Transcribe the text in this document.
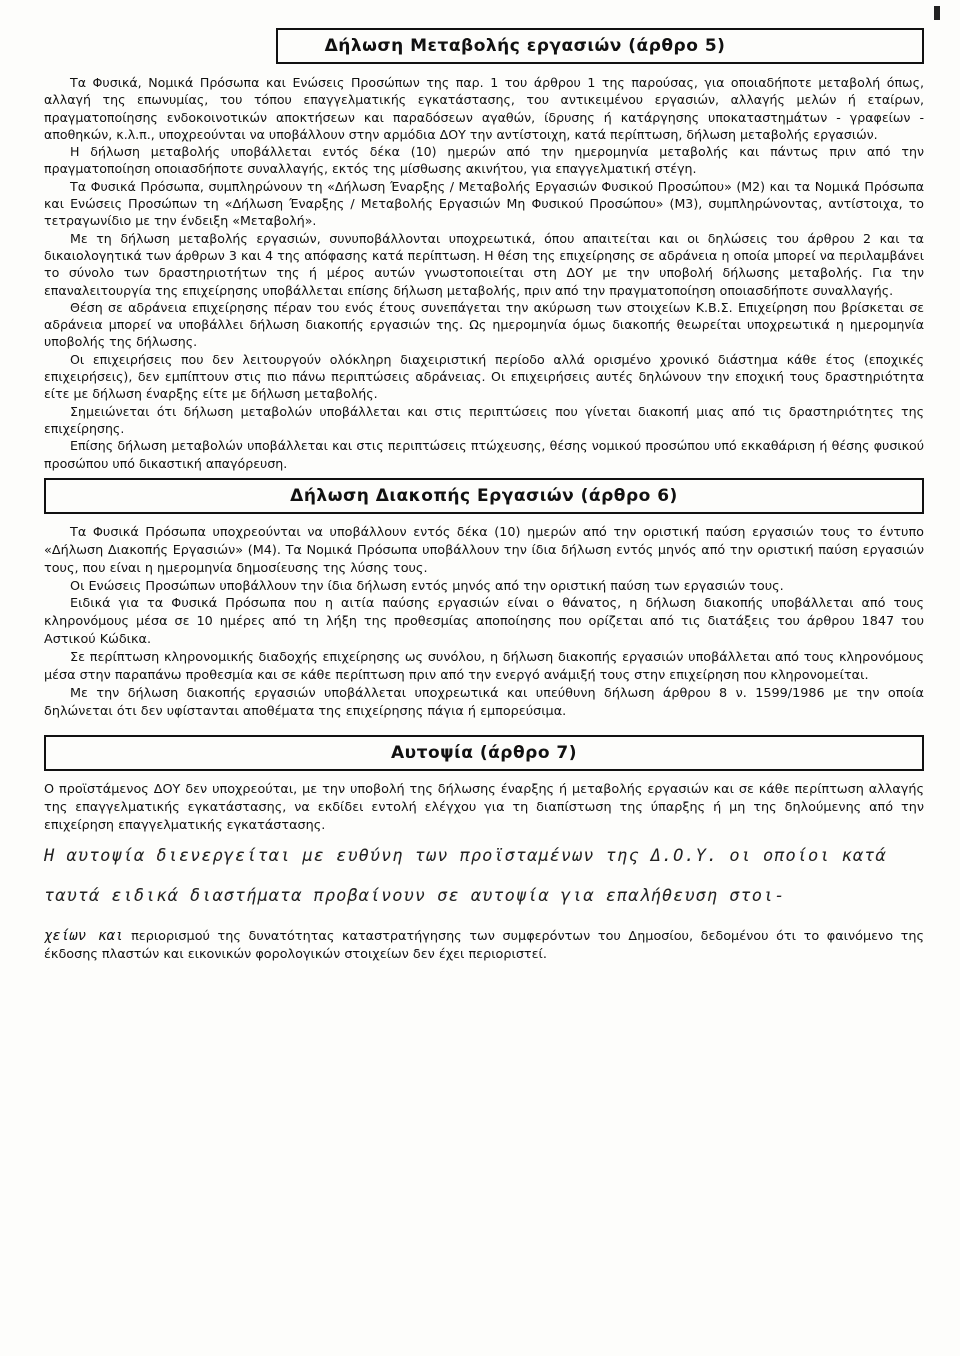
Δήλωση Μεταβολής εργασιών (άρθρο 5)

Τα Φυσικά, Νομικά Πρόσωπα και Ενώσεις Προσώπων της παρ. 1 του άρθρου 1 της παρούσας, για οποιαδήποτε μεταβολή όπως, αλλαγή της επωνυμίας, του τόπου επαγγελματικής εγκατάστασης, του αντικειμένου εργασιών, αλλαγής μελών ή εταίρων, πραγματοποίησης ενδοκοινοτικών αποκτήσεων και παραδόσεων αγαθών, ίδρυσης ή κατάργησης υποκαταστημάτων - γραφείων - αποθηκών, κ.λ.π., υποχρεούνται να υποβάλλουν στην αρμόδια ΔΟΥ την αντίστοιχη, κατά περίπτωση, δήλωση μεταβολής εργασιών.

Η δήλωση μεταβολής υποβάλλεται εντός δέκα (10) ημερών από την ημερομηνία μεταβολής και πάντως πριν από την πραγματοποίηση οποιασδήποτε συναλλαγής, εκτός της μίσθωσης ακινήτου, για επαγγελματική στέγη.

Τα Φυσικά Πρόσωπα, συμπληρώνουν τη «Δήλωση Έναρξης / Μεταβολής Εργασιών Φυσικού Προσώπου» (Μ2) και τα Νομικά Πρόσωπα και Ενώσεις Προσώπων τη «Δήλωση Έναρξης / Μεταβολής Εργασιών Μη Φυσικού Προσώπου» (Μ3), συμπληρώνοντας, αντίστοιχα, το τετραγωνίδιο με την ένδειξη «Μεταβολή».

Με τη δήλωση μεταβολής εργασιών, συνυποβάλλονται υποχρεωτικά, όπου απαιτείται και οι δηλώσεις του άρθρου 2 και τα δικαιολογητικά των άρθρων 3 και 4 της απόφασης κατά περίπτωση. Η θέση της επιχείρησης σε αδράνεια η οποία μπορεί να περιλαμβάνει το σύνολο των δραστηριοτήτων της ή μέρος αυτών γνωστοποιείται στη ΔΟΥ με την υποβολή δήλωσης μεταβολής. Για την επαναλειτουργία της επιχείρησης υποβάλλεται επίσης δήλωση μεταβολής, πριν από την πραγματοποίηση οποιασδήποτε συναλλαγής.

Θέση σε αδράνεια επιχείρησης πέραν του ενός έτους συνεπάγεται την ακύρωση των στοιχείων Κ.Β.Σ. Επιχείρηση που βρίσκεται σε αδράνεια μπορεί να υποβάλλει δήλωση διακοπής εργασιών της. Ως ημερομηνία όμως διακοπής θεωρείται υποχρεωτικά η ημερομηνία υποβολής της δήλωσης.

Οι επιχειρήσεις που δεν λειτουργούν ολόκληρη διαχειριστική περίοδο αλλά ορισμένο χρονικό διάστημα κάθε έτος (εποχικές επιχειρήσεις), δεν εμπίπτουν στις πιο πάνω περιπτώσεις αδράνειας. Οι επιχειρήσεις αυτές δηλώνουν την εποχική τους δραστηριότητα είτε με δήλωση έναρξης είτε με δήλωση μεταβολής.

Σημειώνεται ότι δήλωση μεταβολών υποβάλλεται και στις περιπτώσεις που γίνεται διακοπή μιας από τις δραστηριότητες της επιχείρησης.

Επίσης δήλωση μεταβολών υποβάλλεται και στις περιπτώσεις πτώχευσης, θέσης νομικού προσώπου υπό εκκαθάριση ή θέσης φυσικού προσώπου υπό δικαστική απαγόρευση.

Δήλωση Διακοπής Εργασιών (άρθρο 6)

Τα Φυσικά Πρόσωπα υποχρεούνται να υποβάλλουν εντός δέκα (10) ημερών από την οριστική παύση εργασιών τους το έντυπο «Δήλωση Διακοπής Εργασιών» (Μ4). Τα Νομικά Πρόσωπα υποβάλλουν την ίδια δήλωση εντός μηνός από την οριστική παύση εργασιών τους, που είναι η ημερομηνία δημοσίευσης της λύσης τους.

Οι Ενώσεις Προσώπων υποβάλλουν την ίδια δήλωση εντός μηνός από την οριστική παύση των εργασιών τους.

Ειδικά για τα Φυσικά Πρόσωπα που η αιτία παύσης εργασιών είναι ο θάνατος, η δήλωση διακοπής υποβάλλεται από τους κληρονόμους μέσα σε 10 ημέρες από τη λήξη της προθεσμίας αποποίησης που ορίζεται από τις διατάξεις του άρθρου 1847 του Αστικού Κώδικα.

Σε περίπτωση κληρονομικής διαδοχής επιχείρησης ως συνόλου, η δήλωση διακοπής εργασιών υποβάλλεται από τους κληρονόμους μέσα στην παραπάνω προθεσμία και σε κάθε περίπτωση πριν από την ενεργό ανάμιξή τους στην επιχείρηση που κληρονομείται.

Με την δήλωση διακοπής εργασιών υποβάλλεται υποχρεωτικά και υπεύθυνη δήλωση άρθρου 8 ν. 1599/1986 με την οποία δηλώνεται ότι δεν υφίστανται αποθέματα της επιχείρησης πάγια ή εμπορεύσιμα.

Αυτοψία (άρθρο 7)

Ο προϊστάμενος ΔΟΥ δεν υποχρεούται, με την υποβολή της δήλωσης έναρξης ή μεταβολής εργασιών και σε κάθε περίπτωση αλλαγής της επαγγελματικής εγκατάστασης, να εκδίδει εντολή ελέγχου για τη διαπίστωση της ύπαρξης ή μη της δηλούμενης από την επιχείρηση επαγγελματικής εγκατάστασης.

Η αυτοψία διενεργείται με ευθύνη των προϊσταμένων της Δ.Ο.Υ. οι οποίοι κατά
ταυτά ειδικά διαστήματα προβαίνουν σε αυτοψία για επαλήθευση στοι-
χείων και περιορισμού της δυνατότητας καταστρατήγησης των συμφερόντων του Δημοσίου, δεδομένου ότι το φαινόμενο της έκδοσης πλαστών και εικονικών φορολογικών στοιχείων δεν έχει περιοριστεί.
